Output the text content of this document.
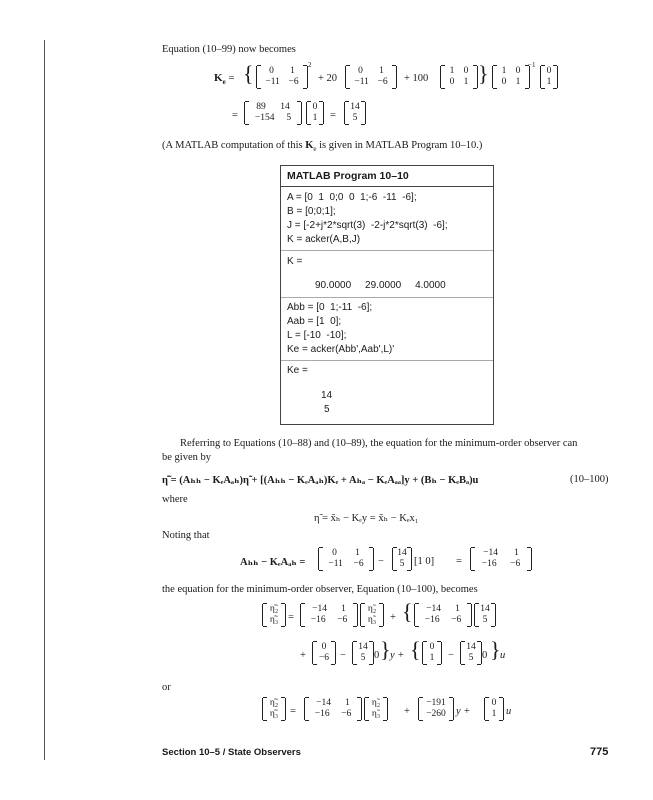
Equation (10–99) now becomes
$K_e$ = { 0 1
−11 −6
2
+ 20
0 1
−11 −6 + 100
1 0
0 1 } 1 0
0 1
−1
0
1
=
89 14
−154 5
0
1 =
14
5
(A MATLAB computation of this $K_e$ is given in MATLAB Program 10–10.)
MATLAB Program 10–10
A = [0  1  0;0  0  1;-6  -11  -6];
B = [0;0;1];
J = [-2+j*2*sqrt(3)  -2-j*2*sqrt(3)  -6];
K = acker(A,B,J)
K =
90.0000     29.0000     4.0000
Abb = [0  1;-11  -6];
Aab = [1  0];
L = [-10  -10];
Ke = acker(Abb',Aab',L)'
Ke =
14
5
Referring to Equations (10–88) and (10–89), the equation for the minimum-order observer can
be given by
η̃̇ = (Aₕₕ − KₑAₐₕ)η̃ + [(Aₕₕ − KₑAₐₕ)Kₑ + Aₕₐ − KₑAₐₐ]y + (Bₕ − KₑBₐ)u	(10–100)
where
η̃ = x̃ₕ − Kₑy = x̃ₕ − Kₑx₁
Noting that
Aₕₕ − KₑAₐₕ =
0 1
−11 −6 −
14
5 [1 0] =
−14 1
−16 −6
the equation for the minimum-order observer, Equation (10–100), becomes
η̃̇₂
η̃̇₃ =
−14 1
−16 −6
η̃₂
η̃₃ + { −14 1
−16 −6
14
5
+
0
−6 −
14
5 0 } y + { 0
1 −
14
5 0 } u
or
η̃̇₂
η̃̇₃ =
−14 1
−16 −6
η̃₂
η̃₃ +
−191
−260 y +
0
1 u
Section 10–5 / State Observers	775
